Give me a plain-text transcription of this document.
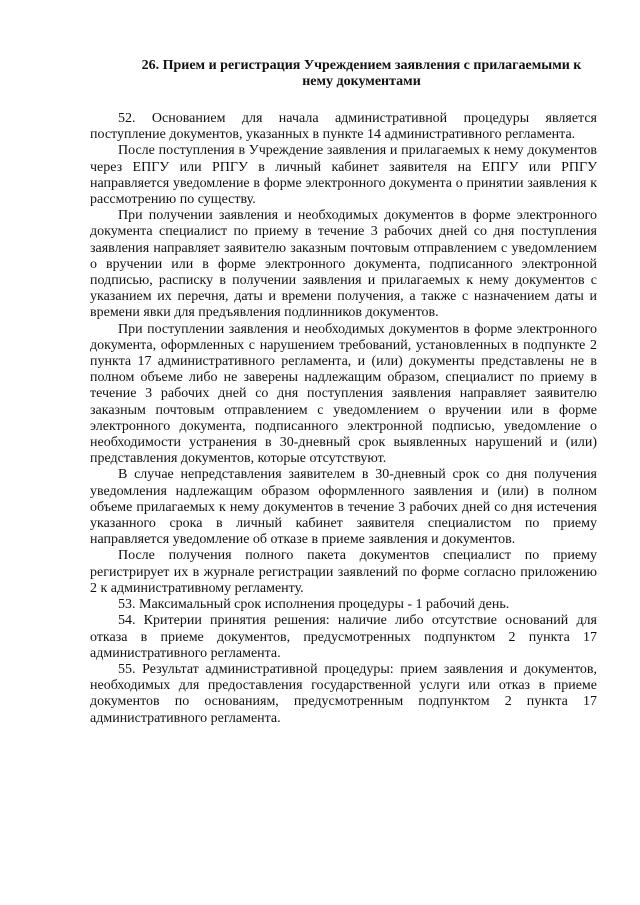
26. Прием и регистрация Учреждением заявления с прилагаемыми к нему документами

52. Основанием для начала административной процедуры является поступление документов, указанных в пункте 14 административного регламента.

После поступления в Учреждение заявления и прилагаемых к нему документов через ЕПГУ или РПГУ в личный кабинет заявителя на ЕПГУ или РПГУ направляется уведомление в форме электронного документа о принятии заявления к рассмотрению по существу.

При получении заявления и необходимых документов в форме электронного документа специалист по приему в течение 3 рабочих дней со дня поступления заявления направляет заявителю заказным почтовым отправлением с уведомлением о вручении или в форме электронного документа, подписанного электронной подписью, расписку в получении заявления и прилагаемых к нему документов с указанием их перечня, даты и времени получения, а также с назначением даты и времени явки для предъявления подлинников документов.

При поступлении заявления и необходимых документов в форме электронного документа, оформленных с нарушением требований, установленных в подпункте 2 пункта 17 административного регламента, и (или) документы представлены не в полном объеме либо не заверены надлежащим образом, специалист по приему в течение 3 рабочих дней со дня поступления заявления направляет заявителю заказным почтовым отправлением с уведомлением о вручении или в форме электронного документа, подписанного электронной подписью, уведомление о необходимости устранения в 30-дневный срок выявленных нарушений и (или) представления документов, которые отсутствуют.

В случае непредставления заявителем в 30-дневный срок со дня получения уведомления надлежащим образом оформленного заявления и (или) в полном объеме прилагаемых к нему документов в течение 3 рабочих дней со дня истечения указанного срока в личный кабинет заявителя специалистом по приему направляется уведомление об отказе в приеме заявления и документов.

После получения полного пакета документов специалист по приему регистрирует их в журнале регистрации заявлений по форме согласно приложению 2 к административному регламенту.

53. Максимальный срок исполнения процедуры - 1 рабочий день.

54. Критерии принятия решения: наличие либо отсутствие оснований для отказа в приеме документов, предусмотренных подпунктом 2 пункта 17 административного регламента.

55. Результат административной процедуры: прием заявления и документов, необходимых для предоставления государственной услуги или отказ в приеме документов по основаниям, предусмотренным подпунктом 2 пункта 17 административного регламента.
